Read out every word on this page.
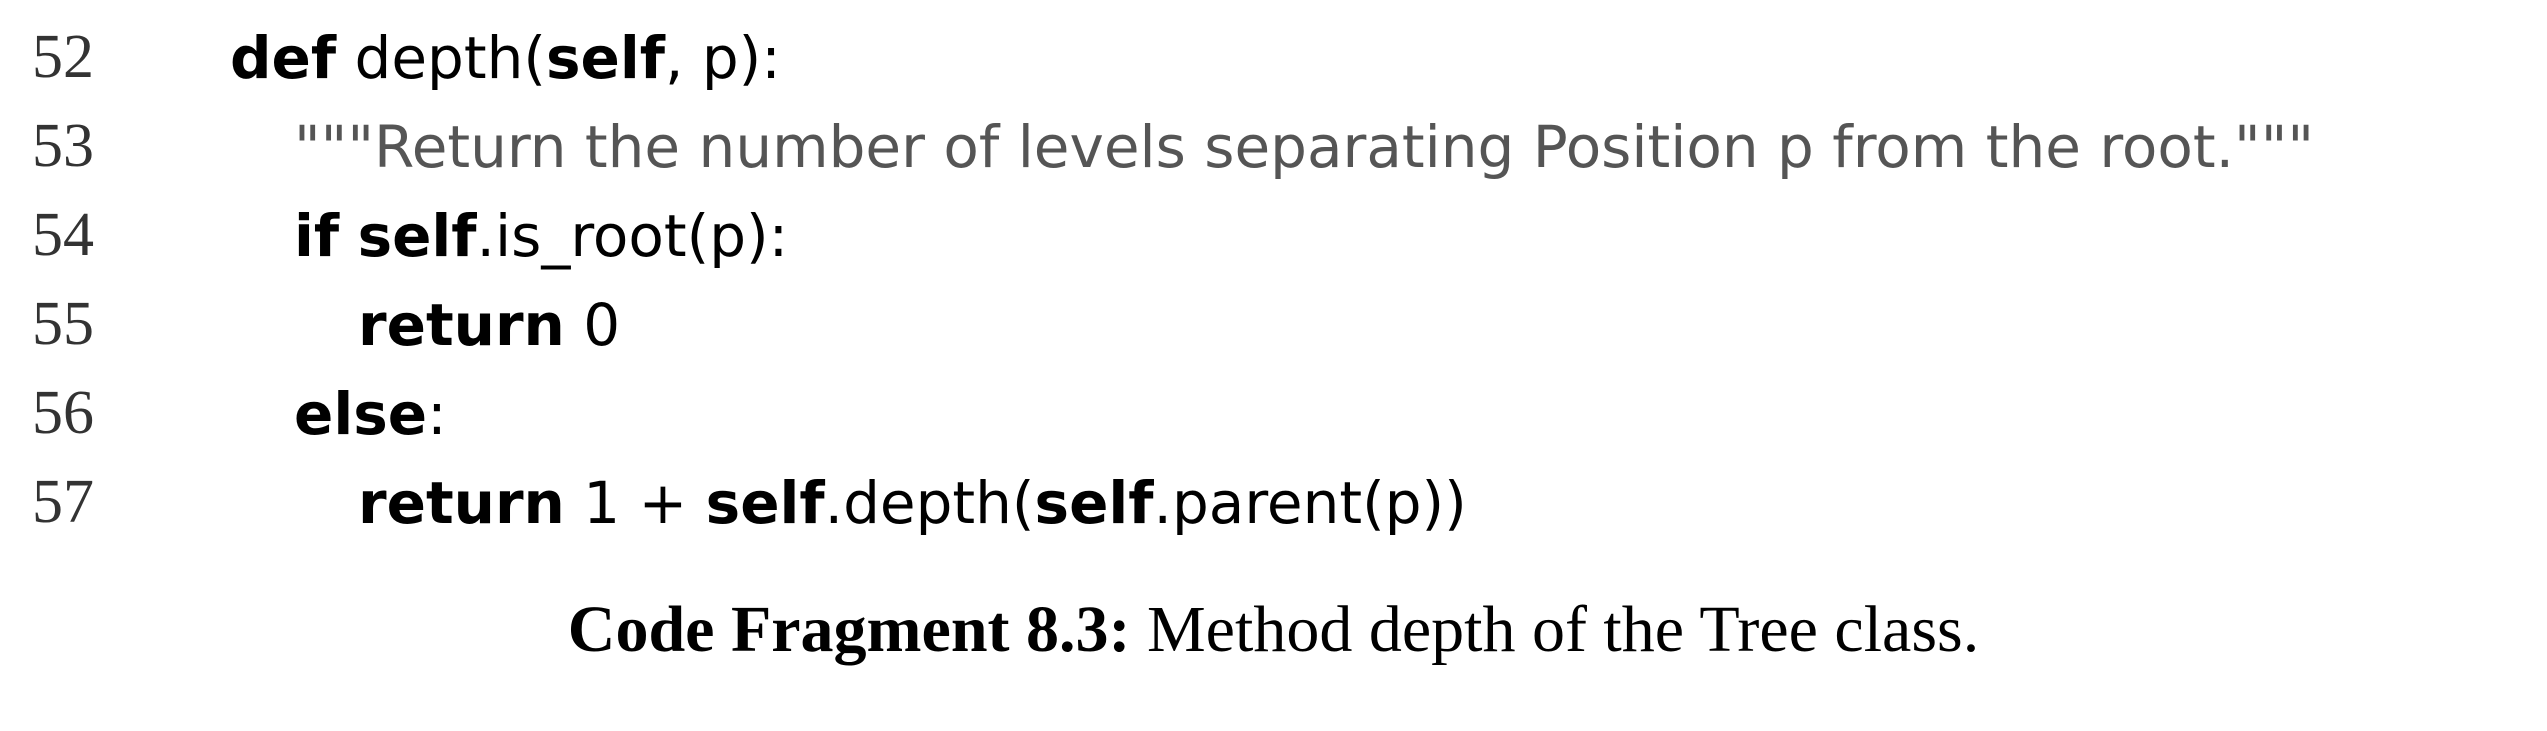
52

	def depth(self, p):

53

	"""Return the number of levels separating Position p from the root."""

54

	if self.is_root(p):

55

	return 0

56

	else:

57

	return 1 + self.depth(self.parent(p))

Code Fragment 8.3: Method depth of the Tree class.
